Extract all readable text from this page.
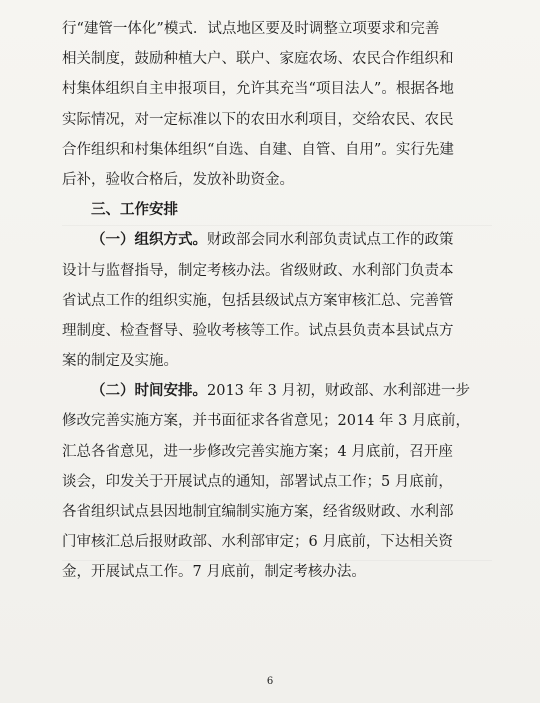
行“建管一体化”模式．试点地区要及时调整立项要求和完善
相关制度，鼓励种植大户、联户、家庭农场、农民合作组织和
村集体组织自主申报项目，允许其充当“项目法人”。根据各地
实际情况，对一定标准以下的农田水利项目，交给农民、农民
合作组织和村集体组织“自选、自建、自管、自用”。实行先建
后补，验收合格后，发放补助资金。
三、工作安排
（一）组织方式。财政部会同水利部负责试点工作的政策
设计与监督指导，制定考核办法。省级财政、水利部门负责本
省试点工作的组织实施，包括县级试点方案审核汇总、完善管
理制度、检查督导、验收考核等工作。试点县负责本县试点方
案的制定及实施。
（二）时间安排。2013 年 3 月初，财政部、水利部进一步
修改完善实施方案，并书面征求各省意见；2014 年 3 月底前，
汇总各省意见，进一步修改完善实施方案；4 月底前，召开座
谈会，印发关于开展试点的通知，部署试点工作；5 月底前，
各省组织试点县因地制宜编制实施方案，经省级财政、水利部
门审核汇总后报财政部、水利部审定；6 月底前，下达相关资
金，开展试点工作。7 月底前，制定考核办法。
6
